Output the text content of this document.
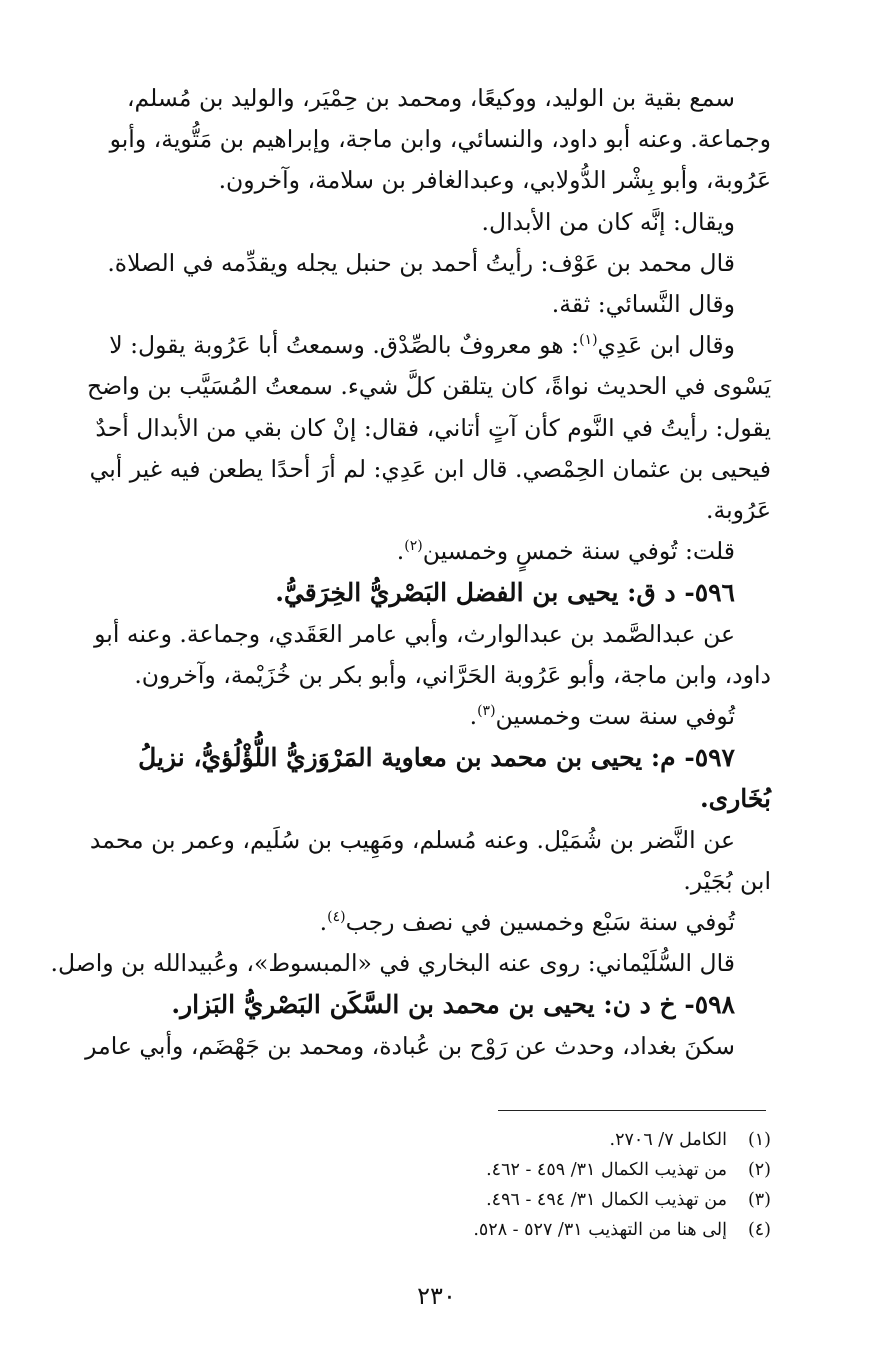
سمع بقية بن الوليد، ووكيعًا، ومحمد بن حِمْيَر، والوليد بن مُسلم،

وجماعة. وعنه أبو داود، والنسائي، وابن ماجة، وإبراهيم بن مَتُّوية، وأبو

عَرُوبة، وأبو بِشْر الدُّولابي، وعبدالغافر بن سلامة، وآخرون.

ويقال: إنَّه كان من الأبدال.

قال محمد بن عَوْف: رأيتُ أحمد بن حنبل يجله ويقدِّمه في الصلاة.

وقال النَّسائي: ثقة.

وقال ابن عَدِي$^{(١)}$: هو معروفٌ بالصِّدْق. وسمعتُ أبا عَرُوبة يقول: لا

يَسْوى في الحديث نواةً، كان يتلقن كلَّ شيء. سمعتُ المُسَيَّب بن واضح

يقول: رأيتُ في النَّوم كأن آتٍ أتاني، فقال: إنْ كان بقي من الأبدال أحدٌ

فيحيى بن عثمان الحِمْصي. قال ابن عَدِي: لم أرَ أحدًا يطعن فيه غير أبي

عَرُوبة.

قلت: تُوفي سنة خمسٍ وخمسين$^{(٢)}$.

٥٩٦- د ق: يحيى بن الفضل البَصْريُّ الخِرَقيُّ.

عن عبدالصَّمد بن عبدالوارث، وأبي عامر العَقَدي، وجماعة. وعنه أبو

داود، وابن ماجة، وأبو عَرُوبة الحَرَّاني، وأبو بكر بن خُزَيْمة، وآخرون.

تُوفي سنة ست وخمسين$^{(٣)}$.

٥٩٧- م: يحيى بن محمد بن معاوية المَرْوَزيُّ اللُّؤْلُؤيُّ، نزيلُ

بُخَارى.

عن النَّضر بن شُمَيْل. وعنه مُسلم، ومَهِيب بن سُلَيم، وعمر بن محمد

ابن بُجَيْر.

تُوفي سنة سَبْع وخمسين في نصف رجب$^{(٤)}$.

قال السُّلَيْماني: روى عنه البخاري في «المبسوط»، وعُبيدالله بن واصل.

٥٩٨- خ د ن: يحيى بن محمد بن السَّكَن البَصْريُّ البَزار.

سكنَ بغداد، وحدث عن رَوْح بن عُبادة، ومحمد بن جَهْضَم، وأبي عامر

(١)
الكامل ٧/ ٢٧٠٦.
(٢)
من تهذيب الكمال ٣١/ ٤٥٩ - ٤٦٢.
(٣)
من تهذيب الكمال ٣١/ ٤٩٤ - ٤٩٦.
(٤)
إلى هنا من التهذيب ٣١/ ٥٢٧ - ٥٢٨.
٢٣٠
